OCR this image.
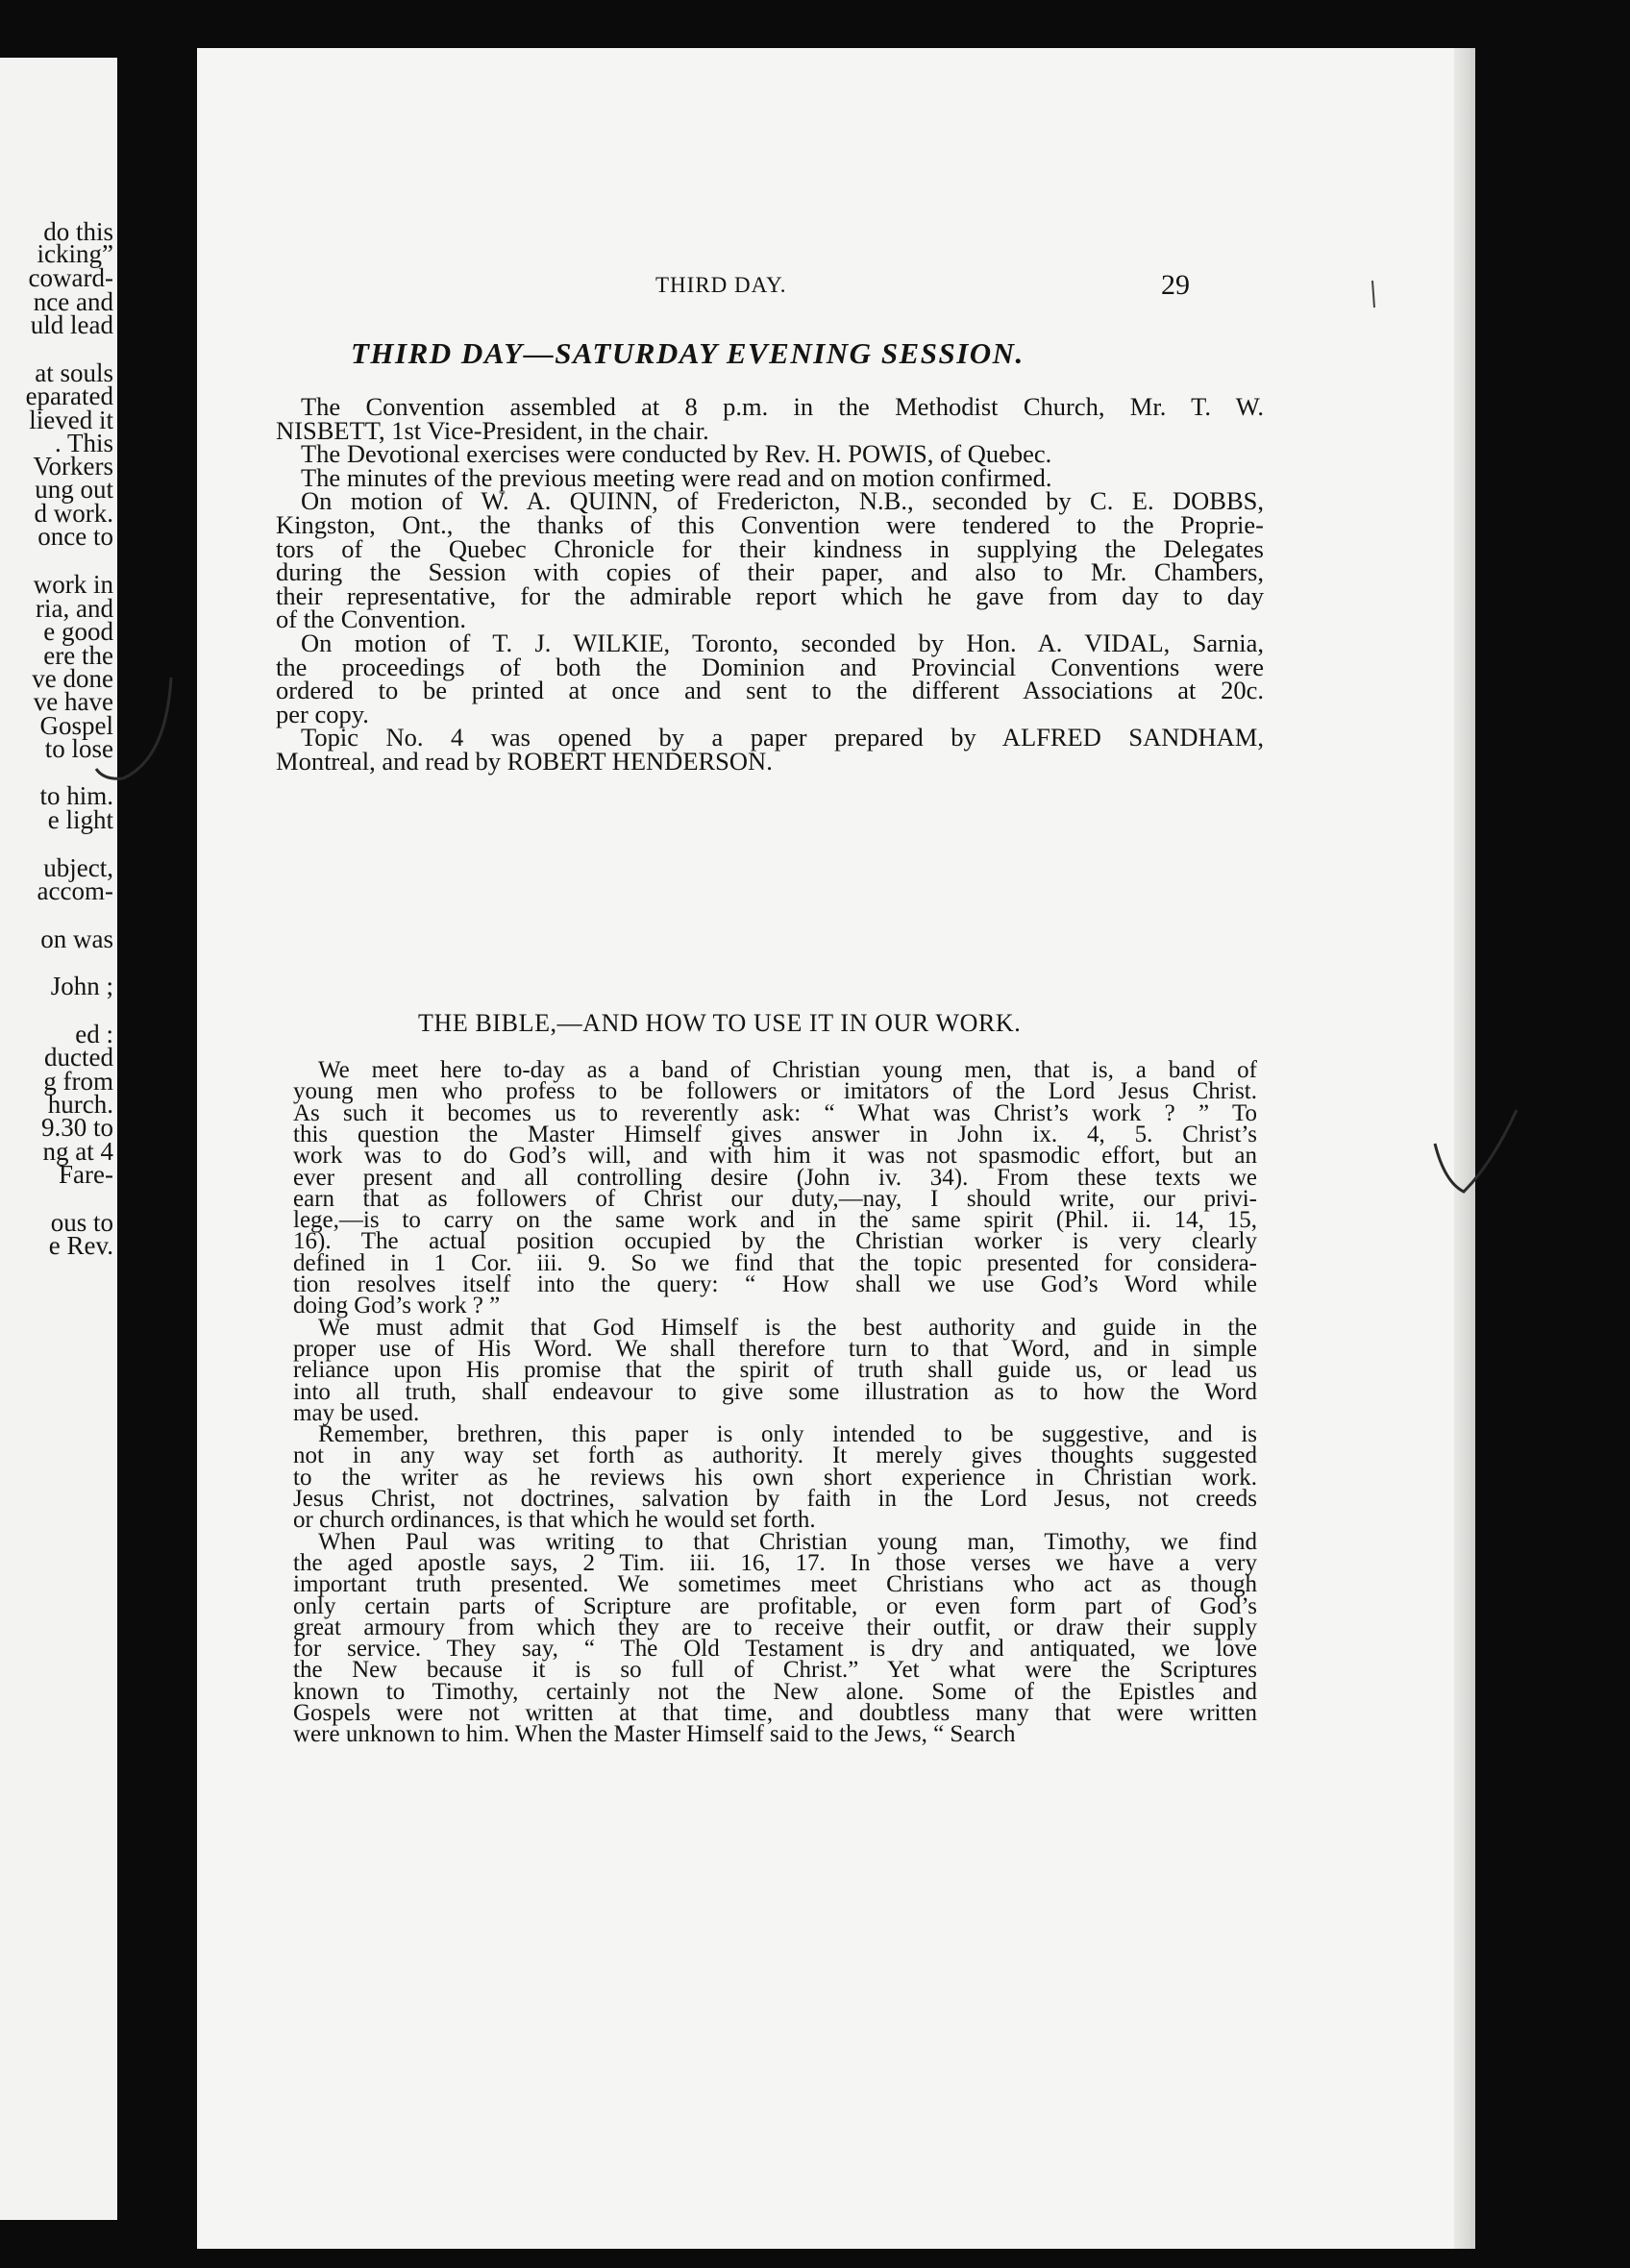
do this
icking”
coward-
nce and
uld lead
at souls
eparated
lieved it
 . This
Vorkers
ung out
d work.
once to
work in
ria, and
e good
ere the
ve done
ve have
Gospel
to lose
to him.
e light
ubject,
accom-
on was
John ;
ed :
ducted
g from
hurch.
9.30 to
ng at 4
Fare-
ous to
e Rev.
THIRD DAY.	29
THIRD DAY—SATURDAY EVENING SESSION.
The Convention assembled at 8 p.m. in the Methodist Church, Mr. T. W.
NISBETT, 1st Vice-President, in the chair.
The Devotional exercises were conducted by Rev. H. POWIS, of Quebec.
The minutes of the previous meeting were read and on motion confirmed.
On motion of W. A. QUINN, of Fredericton, N.B., seconded by C. E. DOBBS,
Kingston, Ont., the thanks of this Convention were tendered to the Proprie-
tors of the Quebec Chronicle for their kindness in supplying the Delegates
during the Session with copies of their paper, and also to Mr. Chambers,
their representative, for the admirable report which he gave from day to day
of the Convention.
On motion of T. J. WILKIE, Toronto, seconded by Hon. A. VIDAL, Sarnia,
the proceedings of both the Dominion and Provincial Conventions were
ordered to be printed at once and sent to the different Associations at 20c.
per copy.
Topic No. 4 was opened by a paper prepared by ALFRED SANDHAM,
Montreal, and read by ROBERT HENDERSON.
THE BIBLE,—AND HOW TO USE IT IN OUR WORK.
We meet here to-day as a band of Christian young men, that is, a band of
young men who profess to be followers or imitators of the Lord Jesus Christ.
As such it becomes us to reverently ask: “ What was Christ’s work ? ” To
this question the Master Himself gives answer in John ix. 4, 5. Christ’s
work was to do God’s will, and with him it was not spasmodic effort, but an
ever present and all controlling desire (John iv. 34). From these texts we
earn that as followers of Christ our duty,—nay, I should write, our privi-
lege,—is to carry on the same work and in the same spirit (Phil. ii. 14, 15,
16). The actual position occupied by the Christian worker is very clearly
defined in 1 Cor. iii. 9. So we find that the topic presented for considera-
tion resolves itself into the query: “ How shall we use God’s Word while
doing God’s work ? ”
We must admit that God Himself is the best authority and guide in the
proper use of His Word. We shall therefore turn to that Word, and in simple
reliance upon His promise that the spirit of truth shall guide us, or lead us
into all truth, shall endeavour to give some illustration as to how the Word
may be used.
Remember, brethren, this paper is only intended to be suggestive, and is
not in any way set forth as authority. It merely gives thoughts suggested
to the writer as he reviews his own short experience in Christian work.
Jesus Christ, not doctrines, salvation by faith in the Lord Jesus, not creeds
or church ordinances, is that which he would set forth.
When Paul was writing to that Christian young man, Timothy, we find
the aged apostle says, 2 Tim. iii. 16, 17. In those verses we have a very
important truth presented. We sometimes meet Christians who act as though
only certain parts of Scripture are profitable, or even form part of God’s
great armoury from which they are to receive their outfit, or draw their supply
for service. They say, “ The Old Testament is dry and antiquated, we love
the New because it is so full of Christ.” Yet what were the Scriptures
known to Timothy, certainly not the New alone. Some of the Epistles and
Gospels were not written at that time, and doubtless many that were written
were unknown to him. When the Master Himself said to the Jews, “ Search
